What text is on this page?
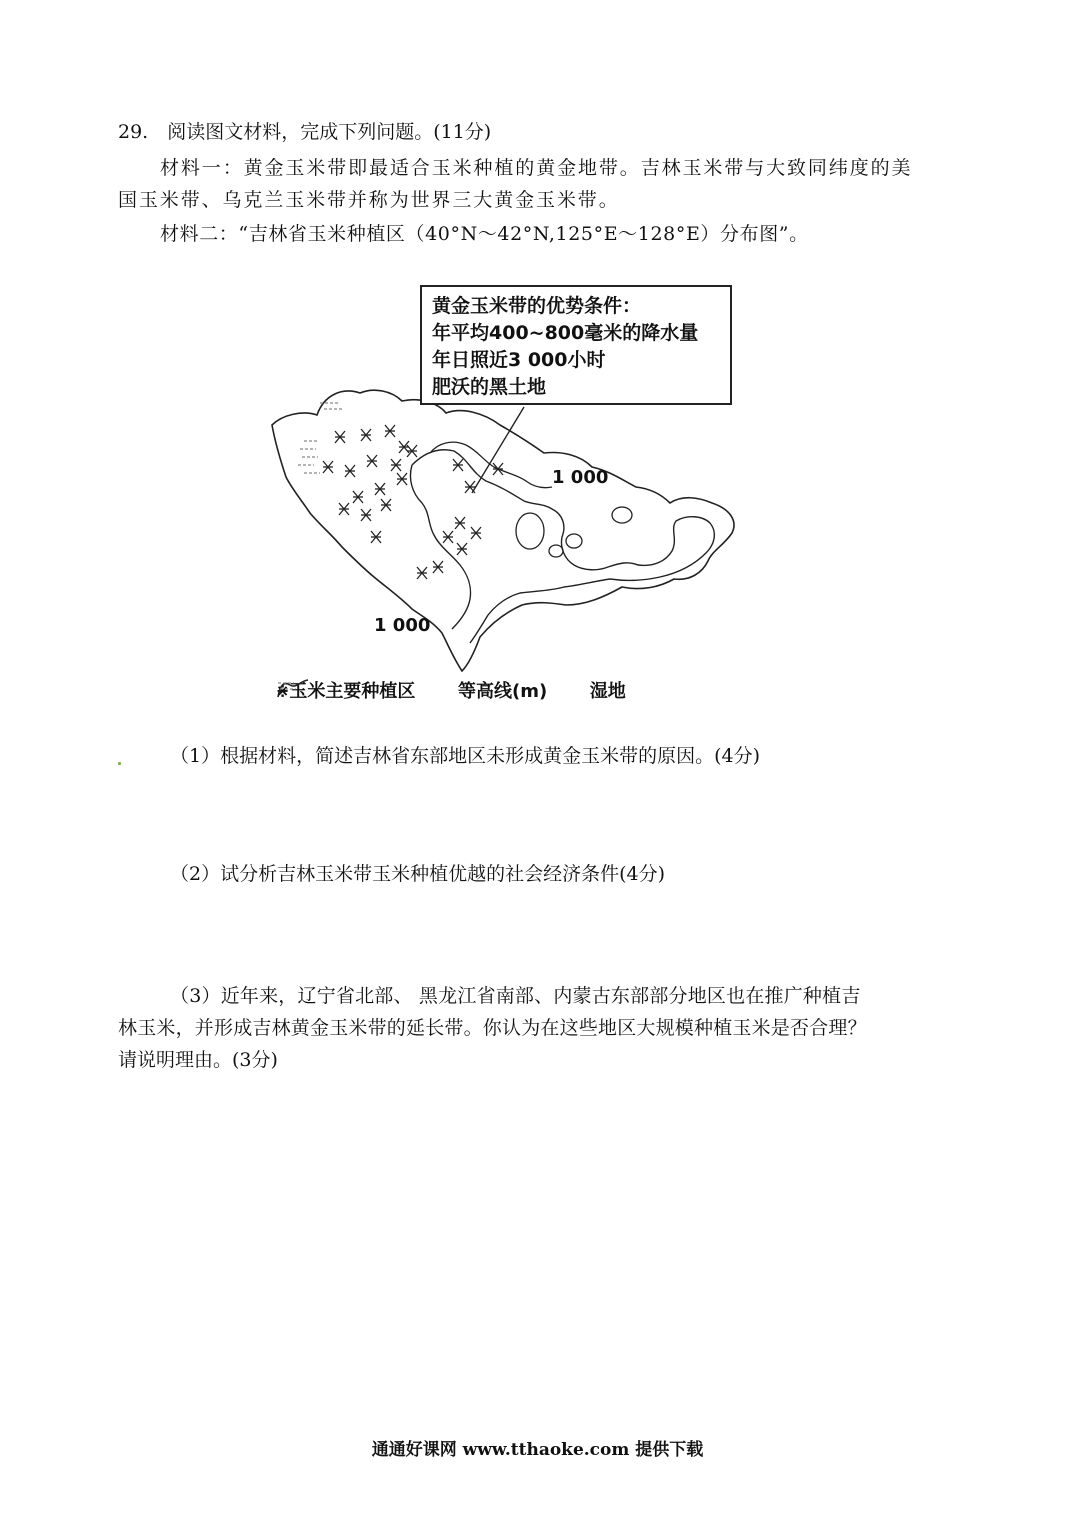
29.　阅读图文材料，完成下列问题。(11分)
材料一：黄金玉米带即最适合玉米种植的黄金地带。吉林玉米带与大致同纬度的美
国玉米带、乌克兰玉米带并称为世界三大黄金玉米带。
材料二：“吉林省玉米种植区（40°N～42°N,125°E～128°E）分布图”。
黄金玉米带的优势条件：
年平均400~800毫米的降水量
年日照近3 000小时
肥沃的黑土地
1 000
1 000
⋇玉米主要种植区 等高线(m) 湿地
（1）根据材料，简述吉林省东部地区未形成黄金玉米带的原因。(4分)
（2）试分析吉林玉米带玉米种植优越的社会经济条件(4分)
（3）近年来，辽宁省北部、 黑龙江省南部、内蒙古东部部分地区也在推广种植吉
林玉米，并形成吉林黄金玉米带的延长带。你认为在这些地区大规模种植玉米是否合理？
请说明理由。(3分)
通通好课网 www.tthaoke.com 提供下载
